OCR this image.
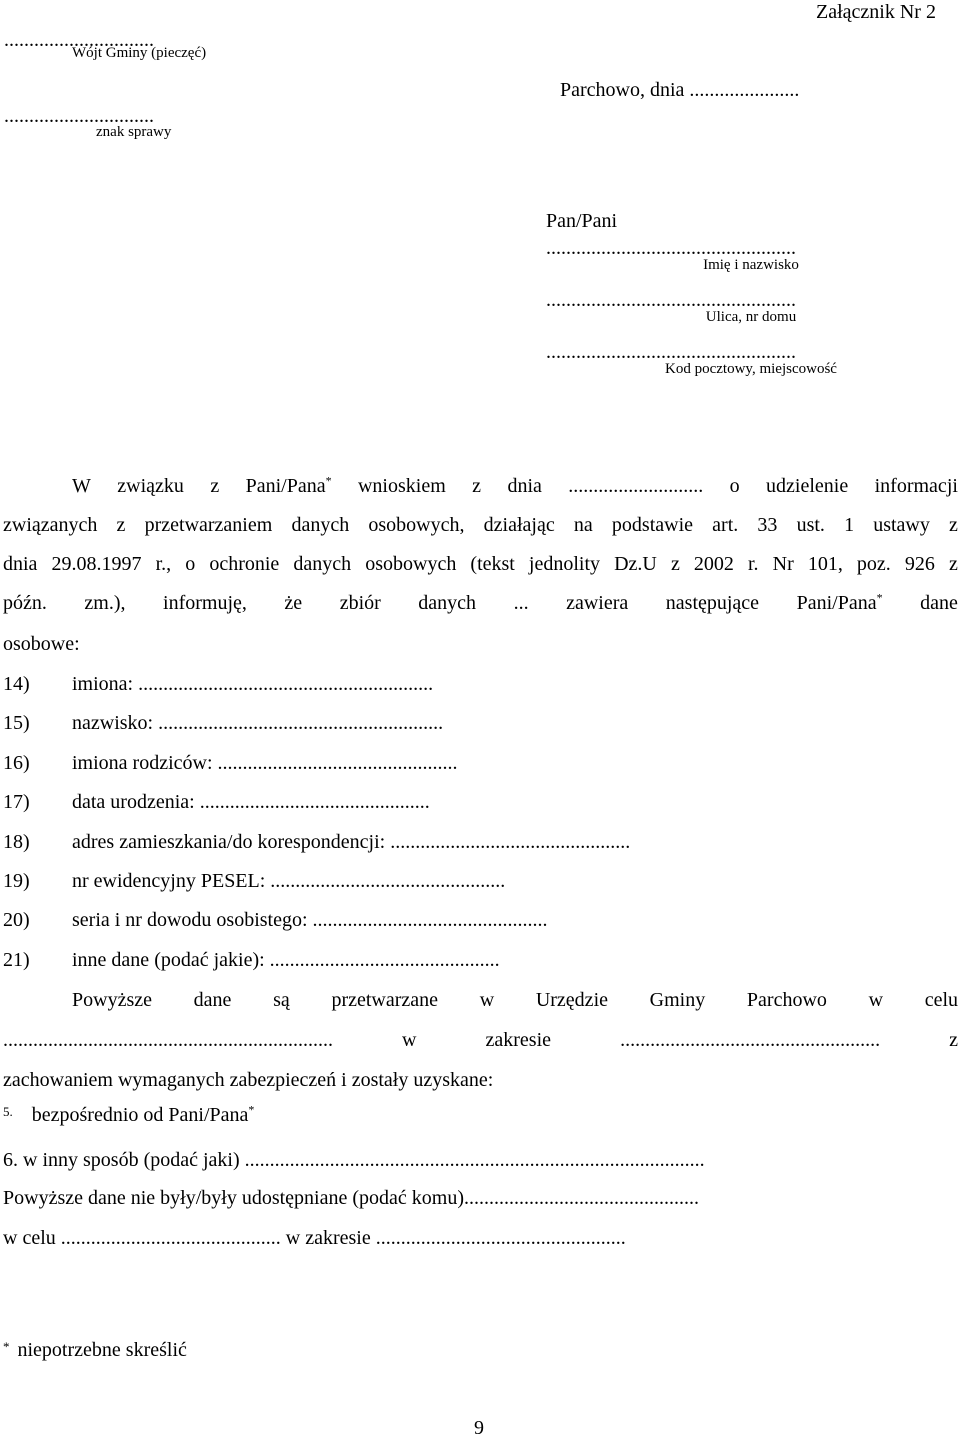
Załącznik Nr 2
..............................
Wójt Gminy (pieczęć)
Parchowo, dnia ......................
..............................
znak sprawy
Pan/Pani
..................................................
Imię i nazwisko
..................................................
Ulica, nr domu
..................................................
Kod pocztowy, miejscowość
W związku z Pani/Pana* wnioskiem z dnia ........................... o udzielenie informacji
związanych z przetwarzaniem danych osobowych, działając na podstawie art. 33 ust. 1 ustawy z
dnia 29.08.1997 r., o ochronie danych osobowych (tekst jednolity Dz.U z 2002 r. Nr 101, poz. 926 z
późn. zm.), informuję, że zbiór danych ... zawiera następujące Pani/Pana* dane
osobowe:
14) imiona: ...........................................................
15) nazwisko: .........................................................
16) imiona rodziców: ................................................
17) data urodzenia: ..............................................
18) adres zamieszkania/do korespondencji: ................................................
19) nr ewidencyjny PESEL: ...............................................
20) seria i nr dowodu osobistego: ...............................................
21) inne dane (podać jakie): ..............................................
Powyższe dane są przetwarzane w Urzędzie Gminy Parchowo w celu
..................................................................	w	zakresie	....................................................	z
zachowaniem wymaganych zabezpieczeń i zostały uzyskane:
$^{5.}$ bezpośrednio od Pani/Pana*
6. w inny sposób (podać jaki) ............................................................................................
Powyższe dane nie były/były udostępniane (podać komu)...............................................
w celu ............................................ w zakresie ..................................................
* niepotrzebne skreślić
9
